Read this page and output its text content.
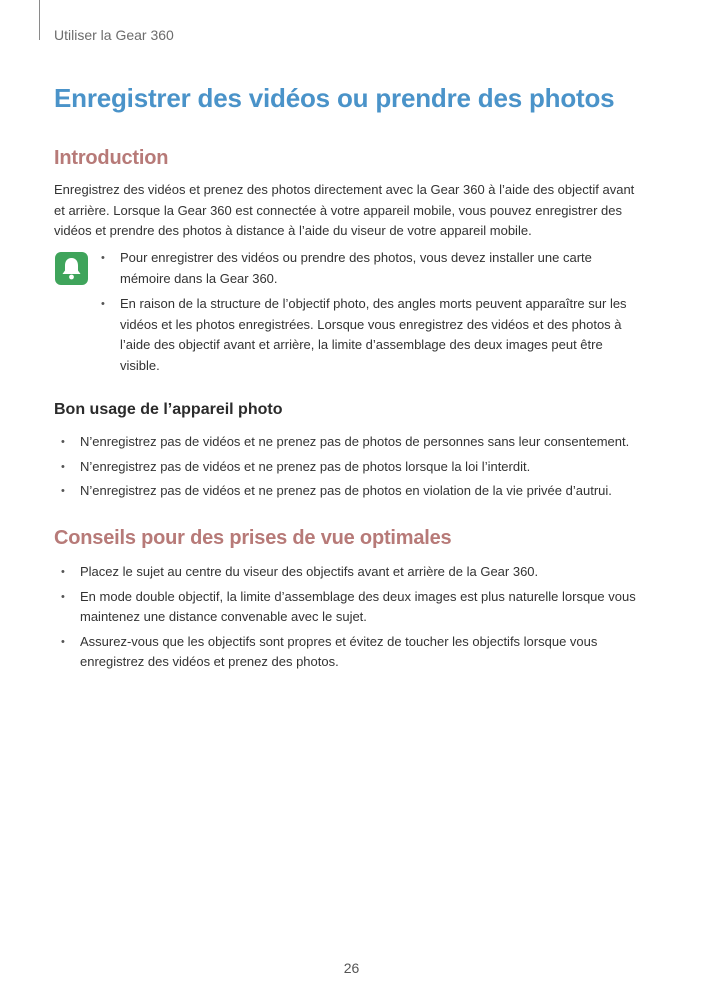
Utiliser la Gear 360
Enregistrer des vidéos ou prendre des photos
Introduction

Enregistrez des vidéos et prenez des photos directement avec la Gear 360 à l’aide des objectif avant et arrière. Lorsque la Gear 360 est connectée à votre appareil mobile, vous pouvez enregistrer des vidéos et prendre des photos à distance à l’aide du viseur de votre appareil mobile.

• Pour enregistrer des vidéos ou prendre des photos, vous devez installer une carte mémoire dans la Gear 360.
• En raison de la structure de l’objectif photo, des angles morts peuvent apparaître sur les vidéos et les photos enregistrées. Lorsque vous enregistrez des vidéos et des photos à l’aide des objectif avant et arrière, la limite d’assemblage des deux images peut être visible.
Bon usage de l’appareil photo
• N’enregistrez pas de vidéos et ne prenez pas de photos de personnes sans leur consentement.
• N’enregistrez pas de vidéos et ne prenez pas de photos lorsque la loi l’interdit.
• N’enregistrez pas de vidéos et ne prenez pas de photos en violation de la vie privée d’autrui.
Conseils pour des prises de vue optimales
• Placez le sujet au centre du viseur des objectifs avant et arrière de la Gear 360.
• En mode double objectif, la limite d’assemblage des deux images est plus naturelle lorsque vous maintenez une distance convenable avec le sujet.
• Assurez-vous que les objectifs sont propres et évitez de toucher les objectifs lorsque vous enregistrez des vidéos et prenez des photos.
26
